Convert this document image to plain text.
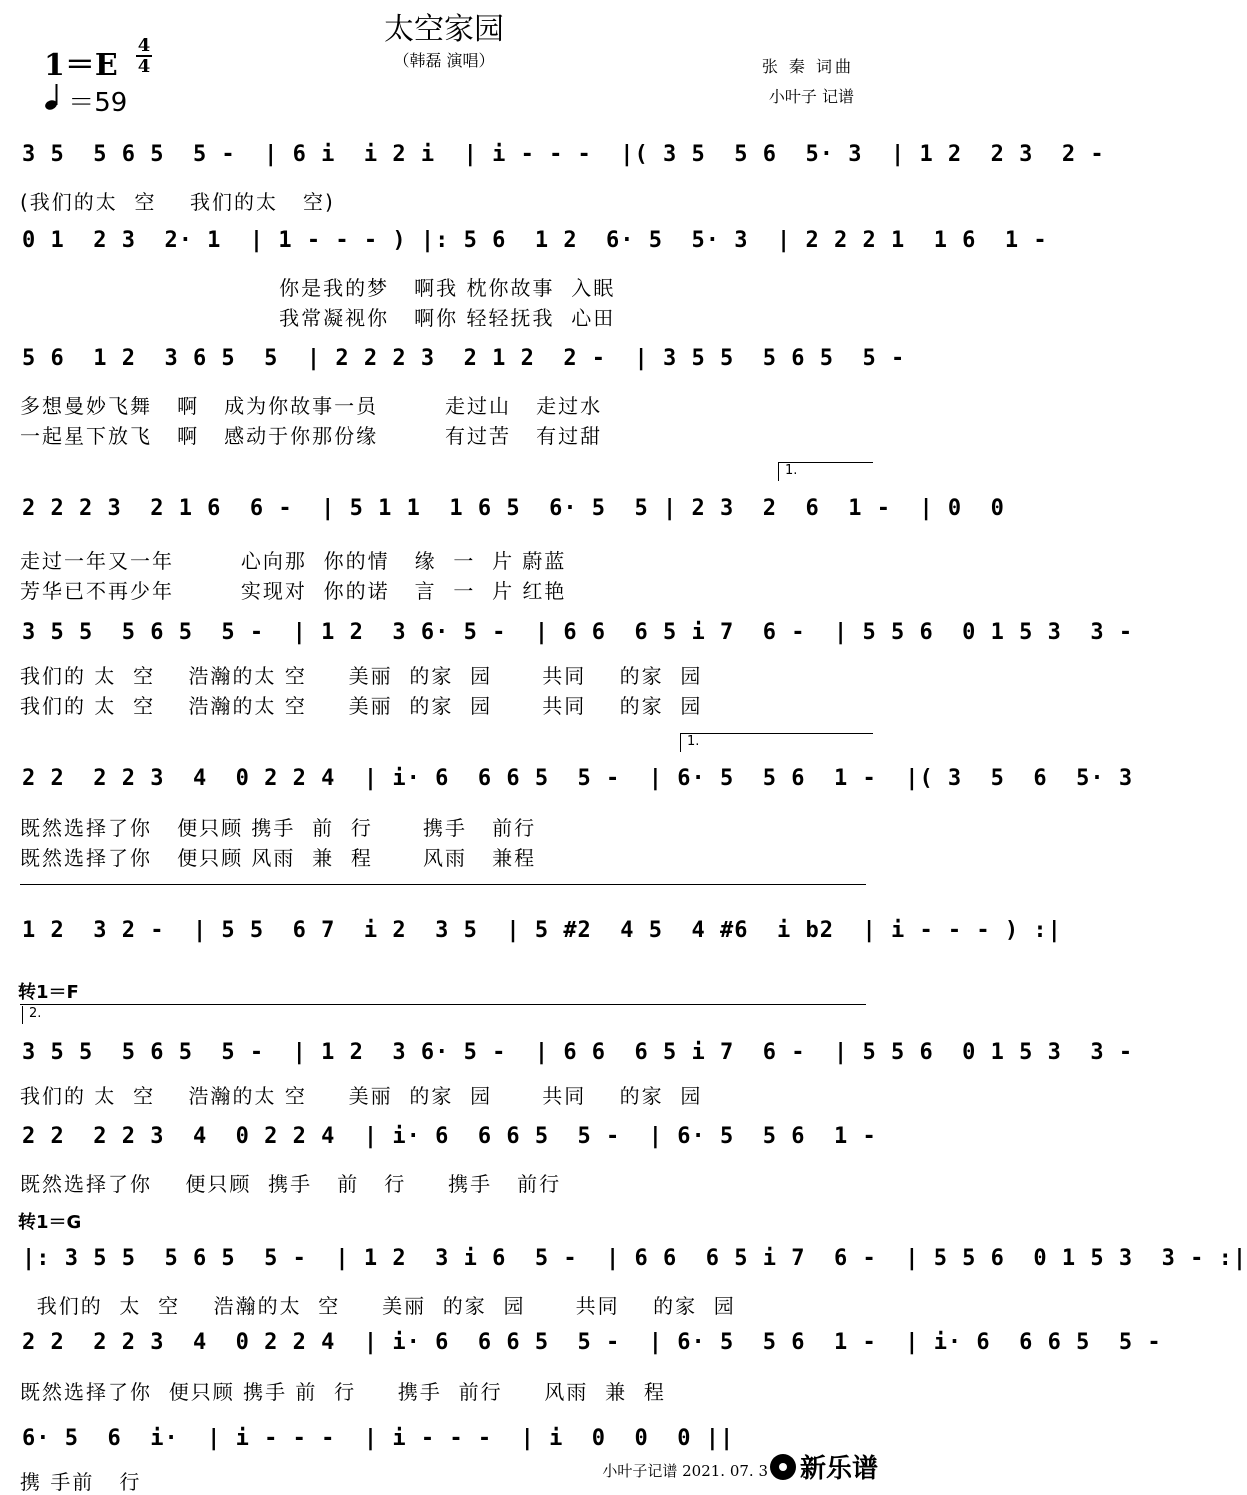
太空家园
（韩磊 演唱）
1＝E
4
4
＝59
张 秦 词曲
小叶子 记谱
3 5  5 6 5  5 -  | 6 i  i 2 i  | i - - -  |( 3 5  5 6  5· 3  | 1 2  2 3  2 -
(我们的太  空    我们的太   空)
0 1  2 3  2· 1  | 1 - - - ) |: 5 6  1 2  6· 5  5· 3  | 2 2 2 1  1 6  1 -
你是我的梦   啊我 枕你故事  入眠
我常凝视你   啊你 轻轻抚我  心田
5 6  1 2  3 6 5  5  | 2 2 2 3  2 1 2  2 -  | 3 5 5  5 6 5  5 -
多想曼妙飞舞   啊   成为你故事一员        走过山   走过水
一起星下放飞   啊   感动于你那份缘        有过苦   有过甜
1.
2 2 2 3  2 1 6  6 -  | 5 1 1  1 6 5  6· 5  5 | 2 3  2  6  1 -  | 0  0
走过一年又一年        心向那  你的情   缘  一  片 蔚蓝
芳华已不再少年        实现对  你的诺   言  一  片 红艳
3 5 5  5 6 5  5 -  | 1 2  3 6· 5 -  | 6 6  6 5 i 7  6 -  | 5 5 6  0 1 5 3  3 -
我们的 太  空    浩瀚的太 空     美丽  的家  园      共同    的家  园
我们的 太  空    浩瀚的太 空     美丽  的家  园      共同    的家  园
1.
2 2  2 2 3  4  0 2 2 4  | i· 6  6 6 5  5 -  | 6· 5  5 6  1 -  |( 3  5  6  5· 3
既然选择了你   便只顾 携手  前  行      携手   前行
既然选择了你   便只顾 风雨  兼  程      风雨   兼程
1 2  3 2 -  | 5 5  6 7  i 2  3 5  | 5 #2  4 5  4 #6  i b2  | i - - - ) :|
转1＝F
2.
3 5 5  5 6 5  5 -  | 1 2  3 6· 5 -  | 6 6  6 5 i 7  6 -  | 5 5 6  0 1 5 3  3 -
我们的 太  空    浩瀚的太 空     美丽  的家  园      共同    的家  园
2 2  2 2 3  4  0 2 2 4  | i· 6  6 6 5  5 -  | 6· 5  5 6  1 -
既然选择了你    便只顾  携手   前   行     携手   前行
转1＝G
|: 3 5 5  5 6 5  5 -  | 1 2  3 i 6  5 -  | 6 6  6 5 i 7  6 -  | 5 5 6  0 1 5 3  3 - :|
我们的  太  空    浩瀚的太  空     美丽  的家  园      共同    的家  园
2 2  2 2 3  4  0 2 2 4  | i· 6  6 6 5  5 -  | 6· 5  5 6  1 -  | i· 6  6 6 5  5 -
既然选择了你  便只顾 携手 前  行     携手  前行     风雨  兼  程
6· 5  6  i·  | i - - -  | i - - -  | i  0  0  0 ||
携 手前   行	小叶子记谱 2021. 07. 3 新乐谱
